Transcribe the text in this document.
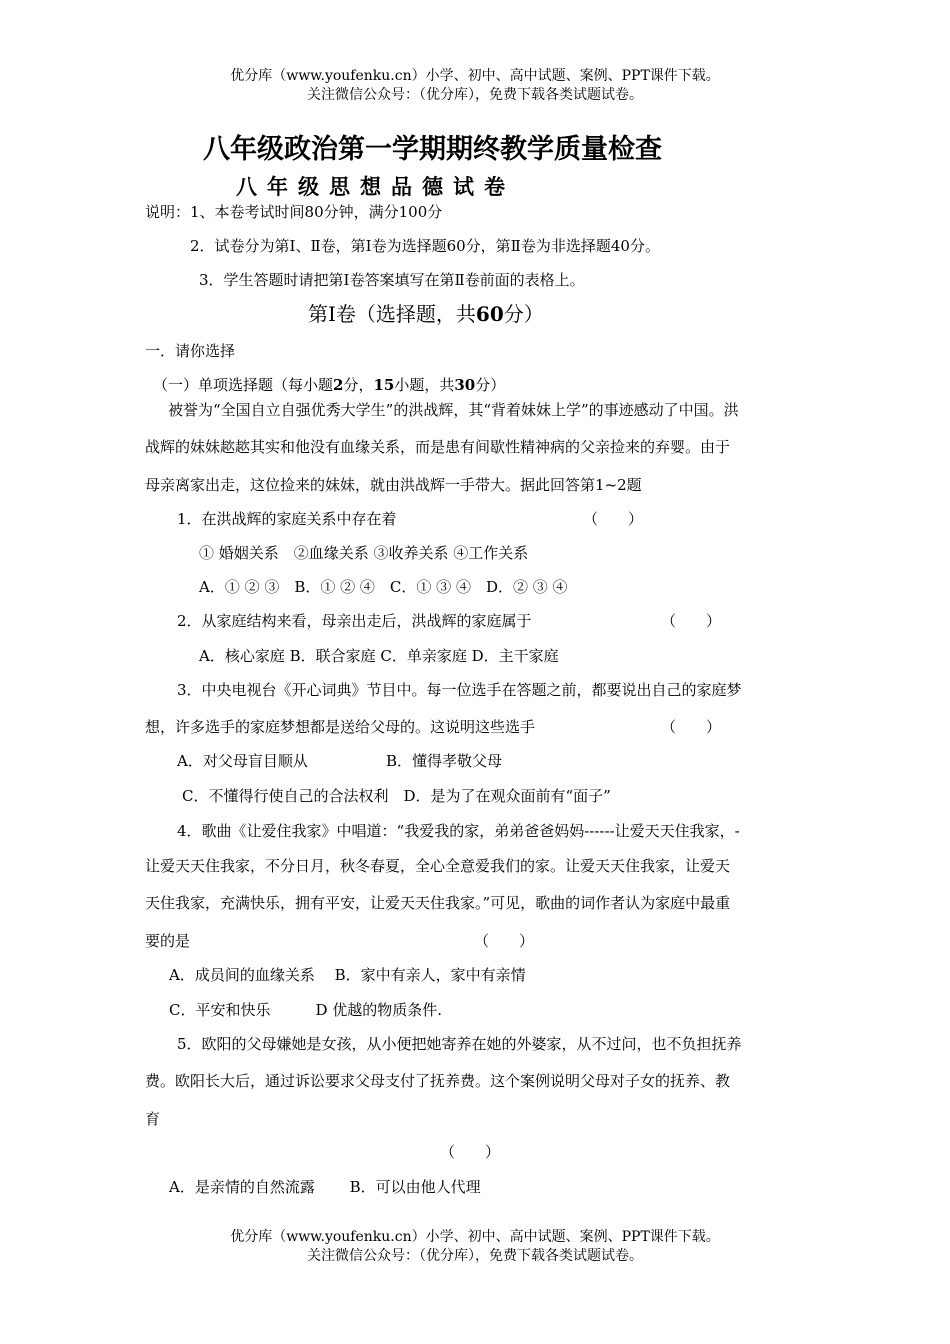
优分库（www.youfenku.cn）小学、初中、高中试题、案例、PPT课件下载。
关注微信公众号：（优分库），免费下载各类试题试卷。
八年级政治第一学期期终教学质量检查
八年级思想品德试卷
说明：1、本卷考试时间80分钟，满分100分
2．试卷分为第Ⅰ、Ⅱ卷，第Ⅰ卷为选择题60分，第Ⅱ卷为非选择题40分。
3．学生答题时请把第Ⅰ卷答案填写在第Ⅱ卷前面的表格上。
第Ⅰ卷（选择题，共60分）
一．请你选择
（一）单项选择题（每小题2分，15小题，共30分）
被誉为“全国自立自强优秀大学生”的洪战辉，其“背着妹妹上学”的事迹感动了中国。洪
战辉的妹妹趑趑其实和他没有血缘关系，而是患有间歇性精神病的父亲捡来的弃婴。由于
母亲离家出走，这位捡来的妹妹，就由洪战辉一手带大。据此回答第1~2题
1．在洪战辉的家庭关系中存在着	（　　）
① 婚姻关系　②血缘关系 ③收养关系 ④工作关系
A．① ② ③　B．① ② ④　C．① ③ ④　D．② ③ ④
2．从家庭结构来看，母亲出走后，洪战辉的家庭属于	（　　）
A．核心家庭 B．联合家庭 C．单亲家庭 D．主干家庭
3．中央电视台《开心词典》节目中。每一位选手在答题之前，都要说出自己的家庭梦
想，许多选手的家庭梦想都是送给父母的。这说明这些选手	（　　）
A．对父母盲目顺从	B．懂得孝敬父母
C．不懂得行使自己的合法权利　D．是为了在观众面前有“面子”
4．歌曲《让爱住我家》中唱道：“我爱我的家，弟弟爸爸妈妈------让爱天天住我家，-
让爱天天住我家，不分日月，秋冬春夏，全心全意爱我们的家。让爱天天住我家，让爱天
天住我家，充满快乐，拥有平安，让爱天天住我家。”可见，歌曲的词作者认为家庭中最重
要的是	（　　）
A．成员间的血缘关系　 B．家中有亲人，家中有亲情
C．平安和快乐　　　D 优越的物质条件.
5．欧阳的父母嫌她是女孩，从小便把她寄养在她的外婆家，从不过问，也不负担抚养
费。欧阳长大后，通过诉讼要求父母支付了抚养费。这个案例说明父母对子女的抚养、教
育
（　　）
A．是亲情的自然流露　　 B．可以由他人代理
优分库（www.youfenku.cn）小学、初中、高中试题、案例、PPT课件下载。
关注微信公众号：（优分库），免费下载各类试题试卷。
